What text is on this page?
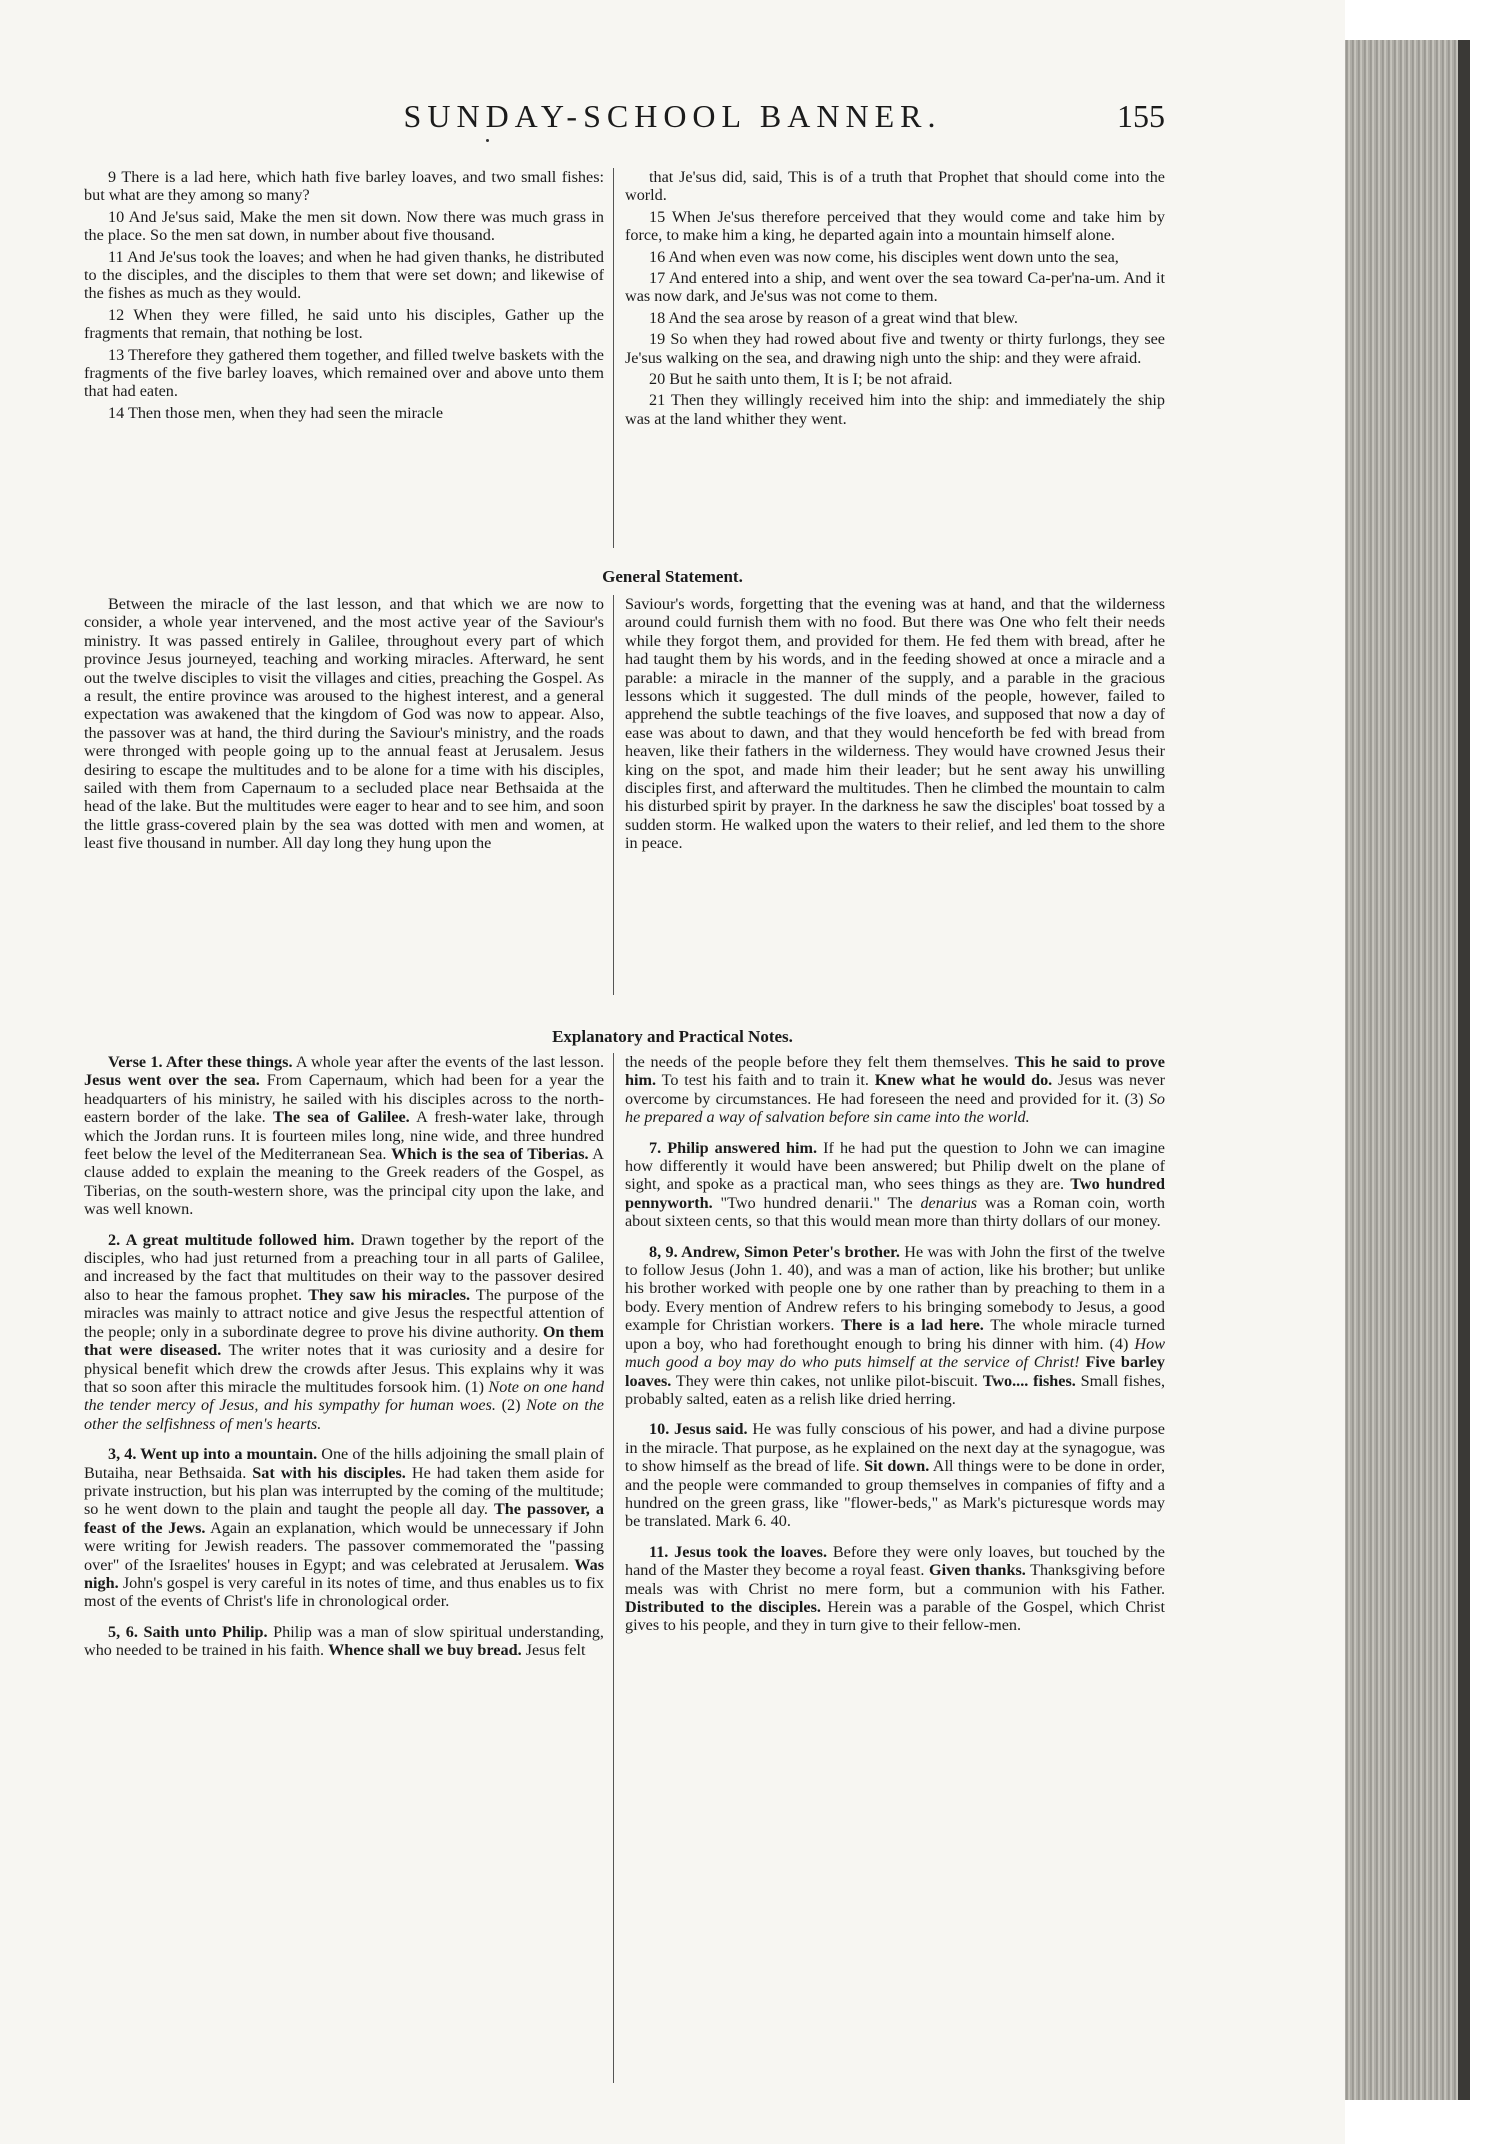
SUNDAY-SCHOOL BANNER.	155

9 There is a lad here, which hath five barley loaves, and two small fishes: but what are they among so many?

10 And Je'sus said, Make the men sit down. Now there was much grass in the place. So the men sat down, in number about five thousand.

11 And Je'sus took the loaves; and when he had given thanks, he distributed to the disciples, and the disciples to them that were set down; and likewise of the fishes as much as they would.

12 When they were filled, he said unto his disciples, Gather up the fragments that remain, that nothing be lost.

13 Therefore they gathered them together, and filled twelve baskets with the fragments of the five barley loaves, which remained over and above unto them that had eaten.

14 Then those men, when they had seen the miracle

that Je'sus did, said, This is of a truth that Prophet that should come into the world.

15 When Je'sus therefore perceived that they would come and take him by force, to make him a king, he departed again into a mountain himself alone.

16 And when even was now come, his disciples went down unto the sea,

17 And entered into a ship, and went over the sea toward Ca-per'na-um. And it was now dark, and Je'sus was not come to them.

18 And the sea arose by reason of a great wind that blew.

19 So when they had rowed about five and twenty or thirty furlongs, they see Je'sus walking on the sea, and drawing nigh unto the ship: and they were afraid.

20 But he saith unto them, It is I; be not afraid.

21 Then they willingly received him into the ship: and immediately the ship was at the land whither they went.

General Statement.

Between the miracle of the last lesson, and that which we are now to consider, a whole year intervened, and the most active year of the Saviour's ministry. It was passed entirely in Galilee, throughout every part of which province Jesus journeyed, teaching and working miracles. Afterward, he sent out the twelve disciples to visit the villages and cities, preaching the Gospel. As a result, the entire province was aroused to the highest interest, and a general expectation was awakened that the kingdom of God was now to appear. Also, the passover was at hand, the third during the Saviour's ministry, and the roads were thronged with people going up to the annual feast at Jerusalem. Jesus desiring to escape the multitudes and to be alone for a time with his disciples, sailed with them from Capernaum to a secluded place near Bethsaida at the head of the lake. But the multitudes were eager to hear and to see him, and soon the little grass-covered plain by the sea was dotted with men and women, at least five thousand in number. All day long they hung upon the

Saviour's words, forgetting that the evening was at hand, and that the wilderness around could furnish them with no food. But there was One who felt their needs while they forgot them, and provided for them. He fed them with bread, after he had taught them by his words, and in the feeding showed at once a miracle and a parable: a miracle in the manner of the supply, and a parable in the gracious lessons which it suggested. The dull minds of the people, however, failed to apprehend the subtle teachings of the five loaves, and supposed that now a day of ease was about to dawn, and that they would henceforth be fed with bread from heaven, like their fathers in the wilderness. They would have crowned Jesus their king on the spot, and made him their leader; but he sent away his unwilling disciples first, and afterward the multitudes. Then he climbed the mountain to calm his disturbed spirit by prayer. In the darkness he saw the disciples' boat tossed by a sudden storm. He walked upon the waters to their relief, and led them to the shore in peace.

Explanatory and Practical Notes.

Verse 1. After these things. A whole year after the events of the last lesson. Jesus went over the sea. From Capernaum, which had been for a year the headquarters of his ministry, he sailed with his disciples across to the north-eastern border of the lake. The sea of Galilee. A fresh-water lake, through which the Jordan runs. It is fourteen miles long, nine wide, and three hundred feet below the level of the Mediterranean Sea. Which is the sea of Tiberias. A clause added to explain the meaning to the Greek readers of the Gospel, as Tiberias, on the south-western shore, was the principal city upon the lake, and was well known.

2. A great multitude followed him. Drawn together by the report of the disciples, who had just returned from a preaching tour in all parts of Galilee, and increased by the fact that multitudes on their way to the passover desired also to hear the famous prophet. They saw his miracles. The purpose of the miracles was mainly to attract notice and give Jesus the respectful attention of the people; only in a subordinate degree to prove his divine authority. On them that were diseased. The writer notes that it was curiosity and a desire for physical benefit which drew the crowds after Jesus. This explains why it was that so soon after this miracle the multitudes forsook him. (1) Note on one hand the tender mercy of Jesus, and his sympathy for human woes. (2) Note on the other the selfishness of men's hearts.

3, 4. Went up into a mountain. One of the hills adjoining the small plain of Butaiha, near Bethsaida. Sat with his disciples. He had taken them aside for private instruction, but his plan was interrupted by the coming of the multitude; so he went down to the plain and taught the people all day. The passover, a feast of the Jews. Again an explanation, which would be unnecessary if John were writing for Jewish readers. The passover commemorated the "passing over" of the Israelites' houses in Egypt; and was celebrated at Jerusalem. Was nigh. John's gospel is very careful in its notes of time, and thus enables us to fix most of the events of Christ's life in chronological order.

5, 6. Saith unto Philip. Philip was a man of slow spiritual understanding, who needed to be trained in his faith. Whence shall we buy bread. Jesus felt

the needs of the people before they felt them themselves. This he said to prove him. To test his faith and to train it. Knew what he would do. Jesus was never overcome by circumstances. He had foreseen the need and provided for it. (3) So he prepared a way of salvation before sin came into the world.

7. Philip answered him. If he had put the question to John we can imagine how differently it would have been answered; but Philip dwelt on the plane of sight, and spoke as a practical man, who sees things as they are. Two hundred pennyworth. "Two hundred denarii." The denarius was a Roman coin, worth about sixteen cents, so that this would mean more than thirty dollars of our money.

8, 9. Andrew, Simon Peter's brother. He was with John the first of the twelve to follow Jesus (John 1. 40), and was a man of action, like his brother; but unlike his brother worked with people one by one rather than by preaching to them in a body. Every mention of Andrew refers to his bringing somebody to Jesus, a good example for Christian workers. There is a lad here. The whole miracle turned upon a boy, who had forethought enough to bring his dinner with him. (4) How much good a boy may do who puts himself at the service of Christ! Five barley loaves. They were thin cakes, not unlike pilot-biscuit. Two.... fishes. Small fishes, probably salted, eaten as a relish like dried herring.

10. Jesus said. He was fully conscious of his power, and had a divine purpose in the miracle. That purpose, as he explained on the next day at the synagogue, was to show himself as the bread of life. Sit down. All things were to be done in order, and the people were commanded to group themselves in companies of fifty and a hundred on the green grass, like "flower-beds," as Mark's picturesque words may be translated. Mark 6. 40.

11. Jesus took the loaves. Before they were only loaves, but touched by the hand of the Master they become a royal feast. Given thanks. Thanksgiving before meals was with Christ no mere form, but a communion with his Father. Distributed to the disciples. Herein was a parable of the Gospel, which Christ gives to his people, and they in turn give to their fellow-men.
